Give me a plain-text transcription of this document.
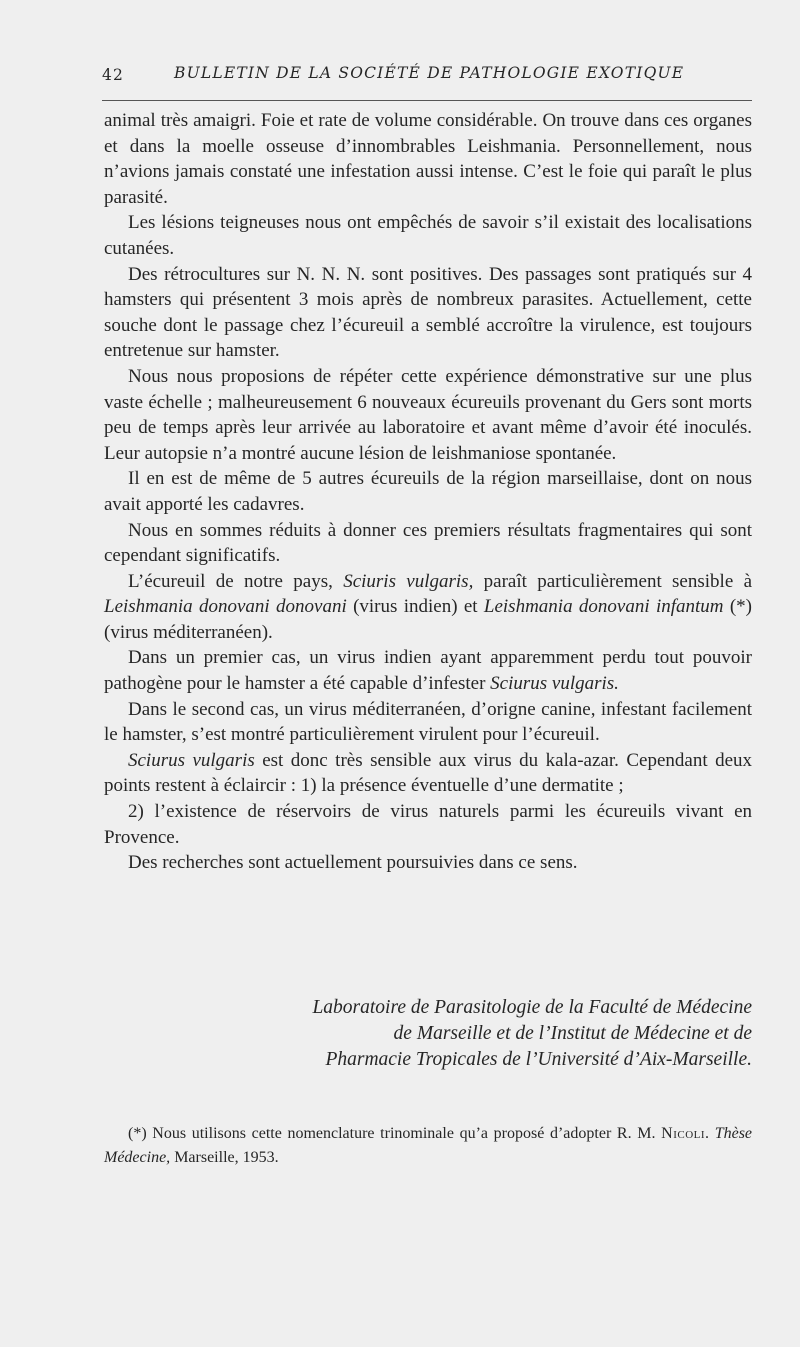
42	BULLETIN DE LA SOCIÉTÉ DE PATHOLOGIE EXOTIQUE

animal très amaigri. Foie et rate de volume considérable. On trouve dans ces organes et dans la moelle osseuse d’innombrables Leishmania. Personnellement, nous n’avions jamais constaté une infestation aussi intense. C’est le foie qui paraît le plus parasité.

Les lésions teigneuses nous ont empêchés de savoir s’il existait des localisations cutanées.

Des rétrocultures sur N. N. N. sont positives. Des passages sont pratiqués sur 4 hamsters qui présentent 3 mois après de nombreux parasites. Actuellement, cette souche dont le passage chez l’écureuil a semblé accroître la virulence, est toujours entretenue sur hamster.

Nous nous proposions de répéter cette expérience démonstrative sur une plus vaste échelle ; malheureusement 6 nouveaux écureuils provenant du Gers sont morts peu de temps après leur arrivée au laboratoire et avant même d’avoir été inoculés. Leur autopsie n’a montré aucune lésion de leishmaniose spontanée.

Il en est de même de 5 autres écureuils de la région marseillaise, dont on nous avait apporté les cadavres.

Nous en sommes réduits à donner ces premiers résultats fragmentaires qui sont cependant significatifs.

L’écureuil de notre pays, Sciuris vulgaris, paraît particulièrement sensible à Leishmania donovani donovani (virus indien) et Leishmania donovani infantum (*) (virus méditerranéen).

Dans un premier cas, un virus indien ayant apparemment perdu tout pouvoir pathogène pour le hamster a été capable d’infester Sciurus vulgaris.

Dans le second cas, un virus méditerranéen, d’origne canine, infestant facilement le hamster, s’est montré particulièrement virulent pour l’écureuil.

Sciurus vulgaris est donc très sensible aux virus du kala-azar. Cependant deux points restent à éclaircir : 1) la présence éventuelle d’une dermatite ;

2) l’existence de réservoirs de virus naturels parmi les écureuils vivant en Provence.

Des recherches sont actuellement poursuivies dans ce sens.

Laboratoire de Parasitologie de la Faculté de Médecine
de Marseille et de l’Institut de Médecine et de
Pharmacie Tropicales de l’Université d’Aix-Marseille.

(*) Nous utilisons cette nomenclature trinominale qu’a proposé d’adopter R. M. Nicoli. Thèse Médecine, Marseille, 1953.
